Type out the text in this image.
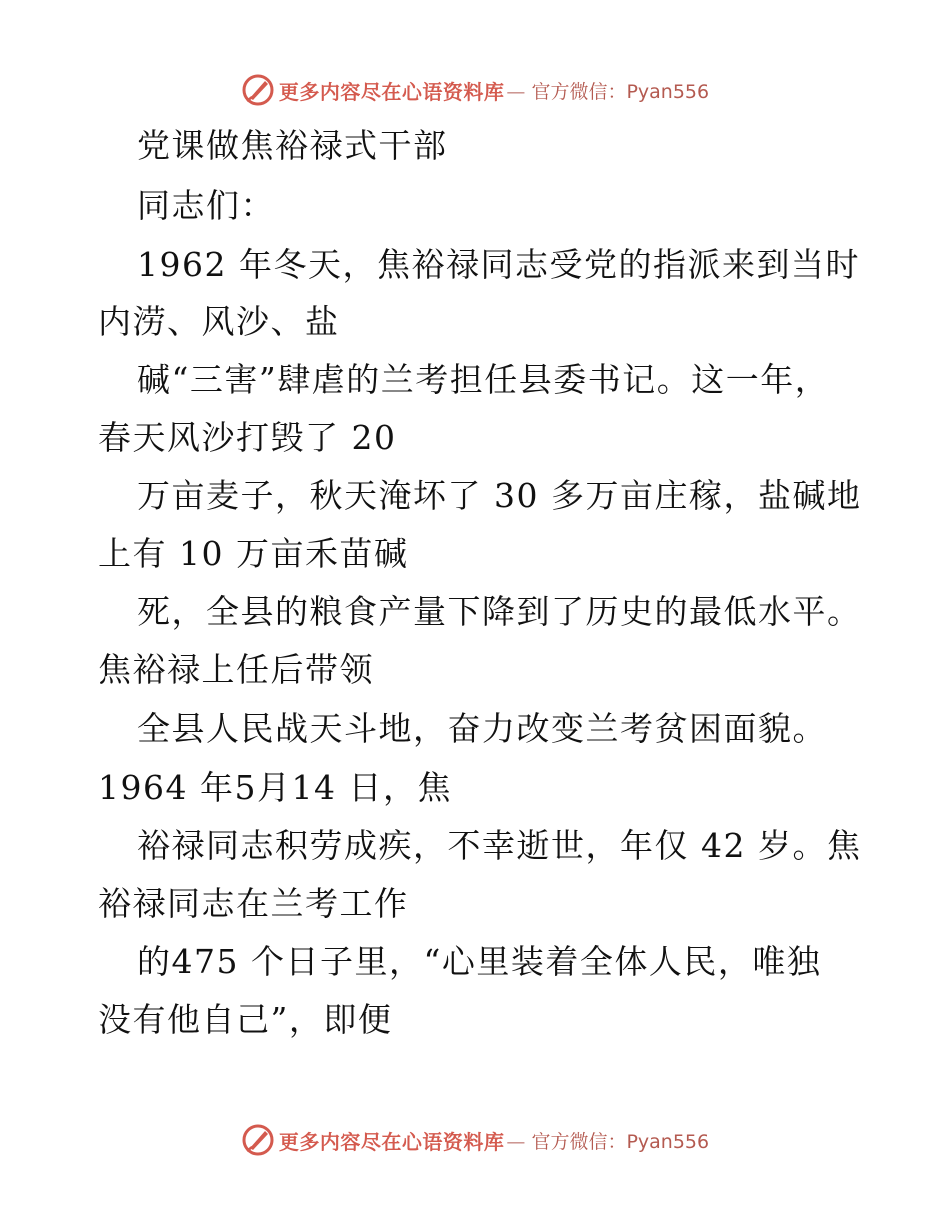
更多内容尽在心语资料库 — 官方微信：Pyan556
党课做焦裕禄式干部
同志们：
1962 年冬天，焦裕禄同志受党的指派来到当时
内涝、风沙、盐
碱“三害”肆虐的兰考担任县委书记。这一年，
春天风沙打毁了 20
万亩麦子，秋天淹坏了 30 多万亩庄稼，盐碱地
上有 10 万亩禾苗碱
死，全县的粮食产量下降到了历史的最低水平。
焦裕禄上任后带领
全县人民战天斗地，奋力改变兰考贫困面貌。
1964 年5月14 日，焦
裕禄同志积劳成疾，不幸逝世，年仅 42 岁。焦
裕禄同志在兰考工作
的475 个日子里，“心里装着全体人民，唯独
没有他自己”，即便
更多内容尽在心语资料库 — 官方微信：Pyan556
